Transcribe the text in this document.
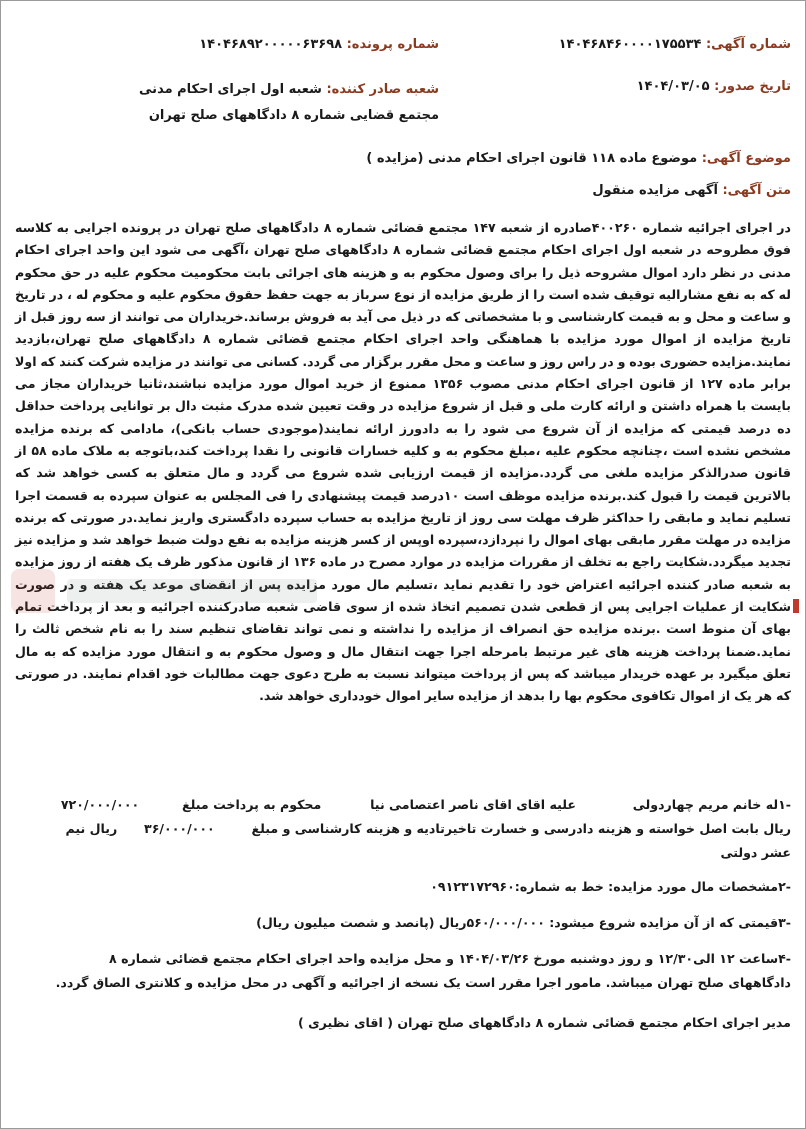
شماره آگهی: ۱۴۰۴۶۸۴۶۰۰۰۰۱۷۵۵۳۴
شماره پرونده: ۱۴۰۴۶۸۹۲۰۰۰۰۰۶۳۶۹۸
تاریخ صدور: ۱۴۰۴/۰۳/۰۵
شعبه صادر کننده: شعبه اول اجرای احکام مدنی مجتمع قضایی شماره ۸ دادگاههای صلح تهران
موضوع آگهی: موضوع ماده ۱۱۸ قانون اجرای احکام مدنی (مزایده )
متن آگهی: آگهی مزایده منقول
در اجرای اجرائیه شماره ۴۰۰۲۶۰صادره از شعبه ۱۴۷ مجتمع قضائی شماره ۸ دادگاههای صلح تهران در پرونده اجرایی به کلاسه فوق مطروحه در شعبه اول اجرای احکام مجتمع قضائی شماره ۸ دادگاههای صلح تهران ،آگهی می شود این واحد اجرای احکام مدنی در نظر دارد اموال مشروحه ذیل را برای وصول محکوم به و هزینه های اجرائی بابت محکومیت محکوم علیه در حق محکوم له که به نفع مشاراليه توقیف شده است را از طریق مزایده از نوع سرباز به جهت حفظ حقوق محکوم علیه و محکوم له ، در تاریخ و ساعت و محل و به قیمت کارشناسی و با مشخصاتی که در ذیل می آید به فروش برساند.خریداران می توانند از سه روز قبل از تاریخ مزایده از اموال مورد مزایده با هماهنگی واحد اجرای احکام مجتمع قضائی شماره ۸ دادگاههای صلح تهران،بازدید نمایند.مزایده حضوری بوده و در راس روز و ساعت و محل مقرر برگزار می گردد. کسانی می توانند در مزایده شرکت کنند که اولا برابر ماده ۱۲۷ از قانون اجرای احکام مدنی مصوب ۱۳۵۶ ممنوع از خرید اموال مورد مزایده نباشند،ثانیا خریداران مجاز می بایست با همراه داشتن و ارائه کارت ملی و قبل از شروع مزایده در وقت تعیین شده مدرک مثبت دال بر توانایی پرداخت حداقل ده درصد قیمتی که مزایده از آن شروع می شود را به دادورز ارائه نمایند(موجودی حساب بانکی)، مادامی که برنده مزایده مشخص نشده است ،چنانچه محکوم علیه ،مبلغ محکوم به و کلیه خسارات قانونی را نقدا پرداخت کند،باتوجه به ملاک ماده ۵۸ از قانون صدرالذکر مزایده ملغی می گردد.مزایده از قیمت ارزیابی شده شروع می گردد و مال متعلق به کسی خواهد شد که بالاترین قیمت را قبول کند.برنده مزایده موظف است ۱۰درصد قیمت پیشنهادی را فی المجلس به عنوان سپرده به قسمت اجرا تسلیم نماید و مابقی را حداکثر ظرف مهلت سی روز از تاریخ مزایده به حساب سپرده دادگستری واریز نماید.در صورتی که برنده مزایده در مهلت مقرر مابقی بهای اموال را نپردازد،سپرده اوپس از کسر هزینه مزایده به نفع دولت ضبط خواهد شد و مزایده نیز تجدید میگردد.شکایت راجع به تخلف از مقررات مزایده در موارد مصرح در ماده ۱۳۶ از قانون مذکور ظرف یک هفته از روز مزایده به شعبه صادر کننده اجرائیه اعتراض خود را تقدیم نماید ،تسلیم مال مورد مزایده پس از انقضای موعد یک هفته و در صورت شکایت از عملیات اجرایی پس از قطعی شدن تصمیم اتخاذ شده از سوی قاضی شعبه صادرکننده اجرائیه و بعد از پرداخت تمام بهای آن منوط است .برنده مزایده حق انصراف از مزایده را نداشته و نمی تواند تقاضای تنظیم سند را به نام شخص ثالث را نماید.ضمنا پرداخت هزینه های غیر مرتبط بامرحله اجرا جهت انتقال مال و وصول محکوم به و انتقال مورد مزایده که به مال تعلق میگیرد بر عهده خریدار میباشد که پس از پرداخت میتواند نسبت به طرح دعوی جهت مطالبات خود اقدام نمایند. در صورتی که هر یک از اموال تکافوی محکوم بها را بدهد از مزایده سایر اموال خودداری خواهد شد.
-۱له خانم مریم چهاردولی  علیه اقای اقای ناصر اعتصامی نیا  محکوم به پرداخت مبلغ  ۷۲۰/۰۰۰/۰۰۰
ریال بابت اصل خواسته و هزینه دادرسی و خسارت تاخیرتادیه و هزینه کارشناسی و مبلغ  ۳۶/۰۰۰/۰۰۰  ریال نیم
عشر دولتی
-۲مشخصات مال مورد مزایده: خط به شماره:۰۹۱۲۳۱۷۲۹۶۰
-۳قیمتی که از آن مزایده شروع میشود: ۵۶۰/۰۰۰/۰۰۰ریال (پانصد و شصت میلیون ریال)
-۴ساعت ۱۲ الی۱۲/۳۰ و روز دوشنبه مورخ ۱۴۰۴/۰۳/۲۶ و محل مزایده واحد اجرای احکام مجتمع قضائی شماره ۸
دادگاههای صلح تهران میباشد. مامور اجرا مقرر است یک نسخه از اجرائیه و آگهی در محل مزایده و کلانتری الصاق گردد.
مدیر اجرای احکام مجتمع قضائی شماره ۸ دادگاههای صلح تهران ( اقای نظیری )
